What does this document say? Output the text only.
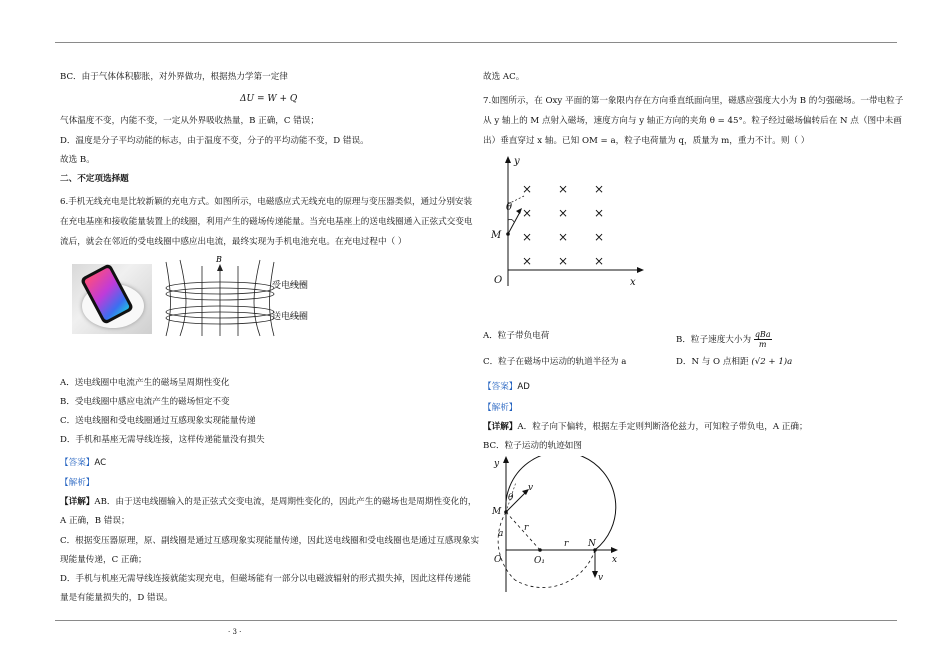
BC．由于气体体积膨胀，对外界做功，根据热力学第一定律
ΔU = W + Q
气体温度不变，内能不变，一定从外界吸收热量，B 正确，C 错误；
D．温度是分子平均动能的标志，由于温度不变，分子的平均动能不变，D 错误。
故选 B。
二、不定项选择题
6.手机无线充电是比较新颖的充电方式。如图所示，电磁感应式无线充电的原理与变压器类似，通过分别安装
在充电基座和接收能量装置上的线圈，利用产生的磁场传递能量。当充电基座上的送电线圈通入正弦式交变电
流后，就会在邻近的受电线圈中感应出电流，最终实现为手机电池充电。在充电过程中（ ）
B
受电线圈
送电线圈
A．送电线圈中电流产生的磁场呈周期性变化
B．受电线圈中感应电流产生的磁场恒定不变
C．送电线圈和受电线圈通过互感现象实现能量传递
D．手机和基座无需导线连接，这样传递能量没有损失
【答案】AC
【解析】
【详解】AB．由于送电线圈输入的是正弦式交变电流，是周期性变化的，因此产生的磁场也是周期性变化的，
A 正确，B 错误；
C．根据变压器原理，原、副线圈是通过互感现象实现能量传递，因此送电线圈和受电线圈也是通过互感现象实
现能量传递，C 正确；
D．手机与机座无需导线连接就能实现充电，但磁场能有一部分以电磁波辐射的形式损失掉，因此这样传递能
量是有能量损失的，D 错误。
故选 AC。
7.如图所示，在 Oxy 平面的第一象限内存在方向垂直纸面向里，磁感应强度大小为 B 的匀强磁场。一带电粒子
从 y 轴上的 M 点射入磁场，速度方向与 y 轴正方向的夹角 θ = 45°。粒子经过磁场偏转后在 N 点（图中未画
出）垂直穿过 x 轴。已知 OM = a，粒子电荷量为 q，质量为 m，重力不计。则（ ）
× × ×
× × ×
× × ×
× × ×
y
x
O
M
θ
A．粒子带负电荷	B．粒子速度大小为
qBa
m
C．粒子在磁场中运动的轨道半径为 a	D．N 与 O 点相距 (√2 + 1)a
【答案】AD
【解析】
【详解】A．粒子向下偏转，根据左手定则判断洛伦兹力，可知粒子带负电，A 正确；
BC．粒子运动的轨迹如图
y
x
O	O₁
M
N
v
v
r
r
θ
a
· 3 ·
